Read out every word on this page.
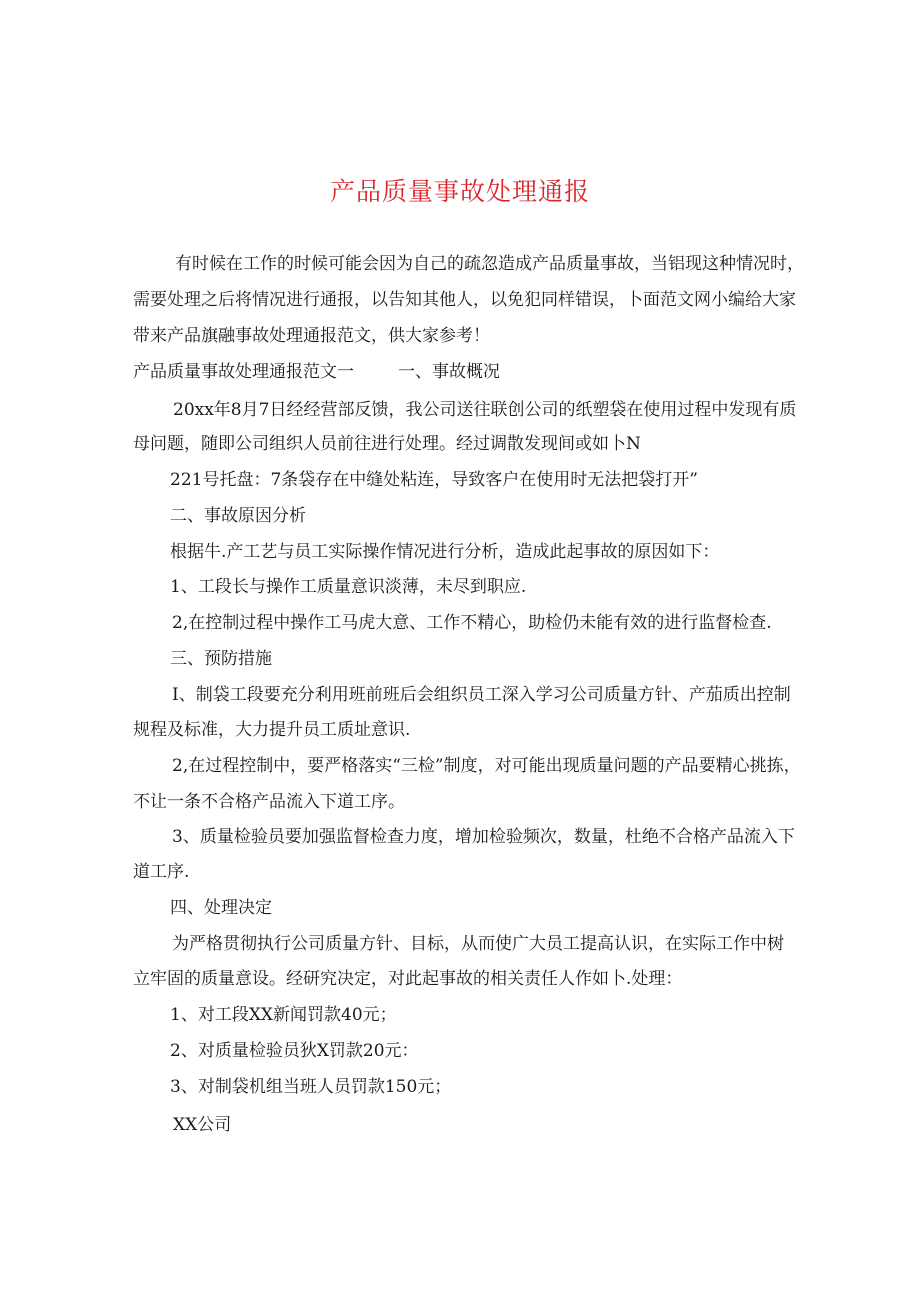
产品质量事故处理通报
有时候在工作的时候可能会因为自己的疏忽造成产品质量事故，当铝现这种情况时，
需要处理之后将情况进行通报，以告知其他人，以免犯同样错误，卜面范文网小编给大家
带来产品旗融事故处理通报范文，供大家参考！
产品质量事故处理通报范文一	一、事故概况
20xx年8月7日经经营部反馈，我公司送往联创公司的纸塑袋在使用过程中发现有质
母问题，随即公司组织人员前往进行处理。经过调散发现间或如卜N
221号托盘：7条袋存在中缝处粘连，导致客户在使用时无法把袋打开”
二、事故原因分析
根据牛.产工艺与员工实际操作情况进行分析，造成此起事故的原因如下：
1、工段长与操作工质量意识淡薄，未尽到职应.
2,在控制过程中操作工马虎大意、工作不精心，助检仍未能有效的进行监督检查.
三、预防措施
I、制袋工段要充分利用班前班后会组织员工深入学习公司质量方针、产茄质出控制
规程及标准，大力提升员工质址意识.
2,在过程控制中，要严格落实“三检”制度，对可能出现质量问题的产品要精心挑拣，
不让一条不合格产品流入下道工序。
3、质量检验员要加强监督检查力度，增加检验频次，数量，杜绝不合格产品流入下
道工序.
四、处理决定
为严格贯彻执行公司质量方针、目标，从而使广大员工提高认识，在实际工作中树
立牢固的质量意设。经研究决定，对此起事故的相关责任人作如卜.处理：
1、对工段XX新闻罚款40元；
2、对质量检验员狄X罚款20元：
3、对制袋机组当班人员罚款150元；
XX公司
